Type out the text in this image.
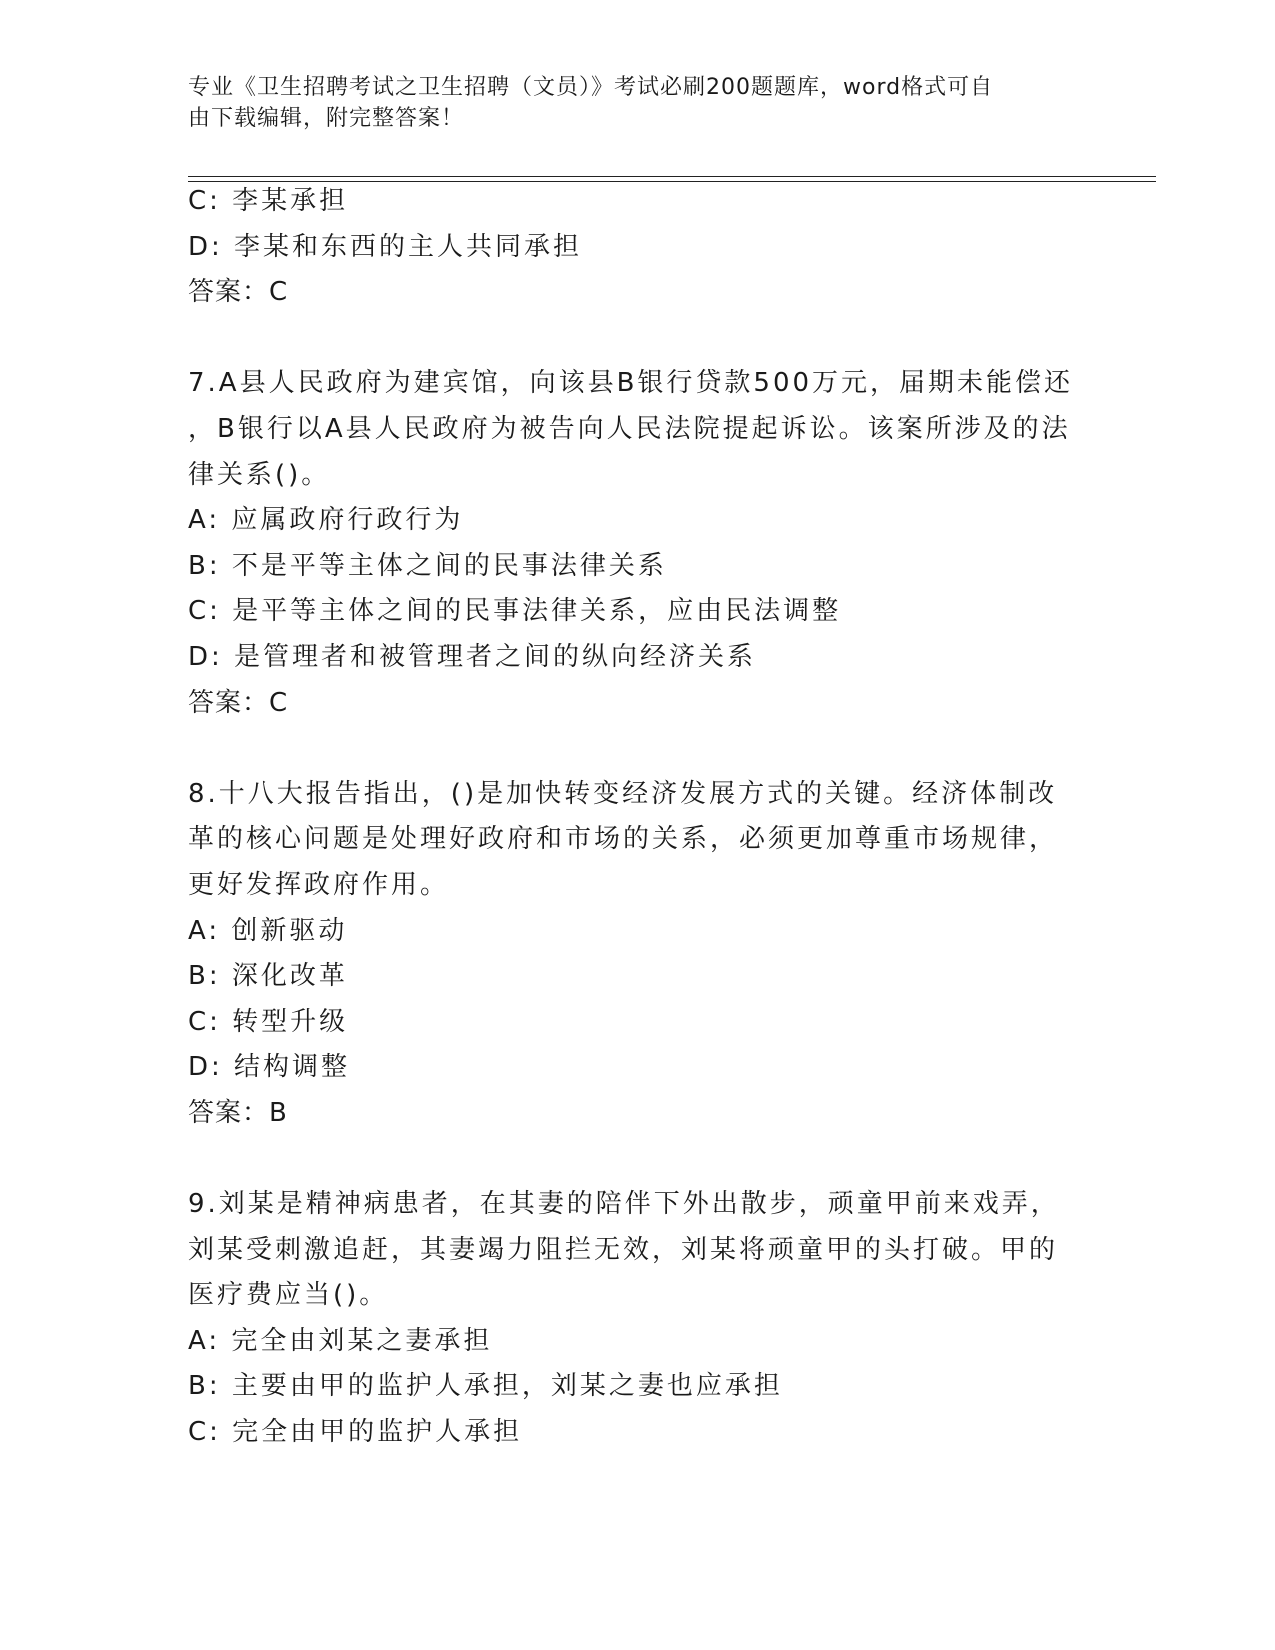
专业《卫生招聘考试之卫生招聘（文员）》考试必刷200题题库，word格式可自
由下载编辑，附完整答案！
C: 李某承担
D: 李某和东西的主人共同承担
答案：C
7.A县人民政府为建宾馆，向该县B银行贷款500万元，届期未能偿还
，B银行以A县人民政府为被告向人民法院提起诉讼。该案所涉及的法
律关系()。
A: 应属政府行政行为
B: 不是平等主体之间的民事法律关系
C: 是平等主体之间的民事法律关系，应由民法调整
D: 是管理者和被管理者之间的纵向经济关系
答案：C
8.十八大报告指出，()是加快转变经济发展方式的关键。经济体制改
革的核心问题是处理好政府和市场的关系，必须更加尊重市场规律，
更好发挥政府作用。
A: 创新驱动
B: 深化改革
C: 转型升级
D: 结构调整
答案：B
9.刘某是精神病患者，在其妻的陪伴下外出散步，顽童甲前来戏弄，
刘某受刺激追赶，其妻竭力阻拦无效，刘某将顽童甲的头打破。甲的
医疗费应当()。
A: 完全由刘某之妻承担
B: 主要由甲的监护人承担，刘某之妻也应承担
C: 完全由甲的监护人承担
